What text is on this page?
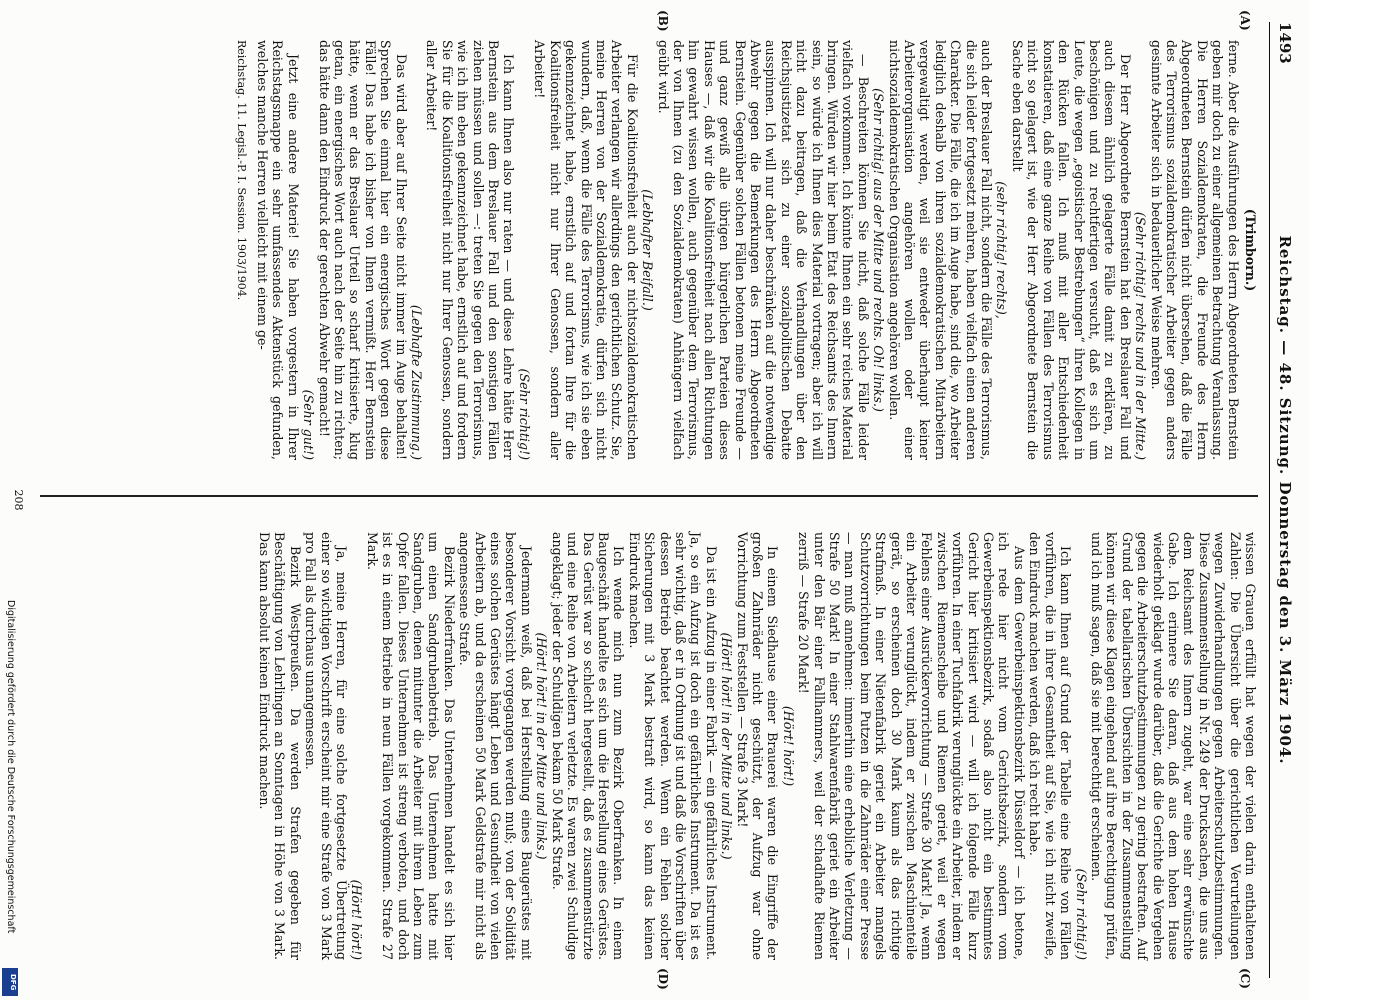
1493
Reichstag. — 48. Sitzung. Donnerstag den 3. März 1904.

(Trimborn.)

ferne. Aber die Ausführungen des Herrn Abgeordneten Bernstein geben mir doch zu einer allgemeinen Betrachtung Veranlassung. Die Herren Sozialdemokraten, die Freunde des Herrn Abgeordneten Bernstein dürfen nicht übersehen, daß die Fälle des Terrorismus sozialdemokratischer Arbeiter gegen anders gesinnte Arbeiter sich in bedauerlicher Weise mehren.

(Sehr richtig! rechts und in der Mitte.)

Der Herr Abgeordnete Bernstein hat den Breslauer Fall und auch diesem ähnlich gelagerte Fälle damit zu erklären, zu beschönigen und zu rechtfertigen versucht, daß es sich um Leute, die wegen „egoistischer Bestrebungen“ ihren Kollegen in den Rücken fallen. Ich muß mit aller Entschiedenheit konstatieren, daß eine ganze Reihe von Fällen des Terrorismus nicht so gelagert ist, wie der Herr Abgeordnete Bernstein die Sache eben darstellt

(sehr richtig! rechts),

auch der Breslauer Fall nicht, sondern die Fälle des Terrorismus, die sich leider fortgesetzt mehren, haben vielfach einen anderen Charakter. Die Fälle, die ich im Auge habe, sind die, wo Arbeiter lediglich deshalb von ihren sozialdemokratischen Mitarbeitern vergewaltigt werden, weil sie entweder überhaupt keiner Arbeiterorganisation angehören wollen oder einer nichtsozialdemokratischen Organisation angehören wollen.

(Sehr richtig! aus der Mitte und rechts. Oh! links.)

— Beschreiten können Sie nicht, daß solche Fälle leider vielfach vorkommen. Ich könnte Ihnen ein sehr reiches Material bringen. Würden wir hier beim Etat des Reichsamts des Innern sein, so würde ich Ihnen dies Material vortragen; aber ich will nicht dazu beitragen, daß die Verhandlungen über den Reichsjustizetat sich zu einer sozialpolitischen Debatte ausspinnen. Ich will nur daher beschränken auf die notwendige Abwehr gegen die Bemerkungen des Herrn Abgeordneten Bernstein. Gegenüber solchen Fällen betonen meine Freunde — und ganz gewiß alle übrigen bürgerlichen Parteien dieses Hauses —, daß wir die Koalitionsfreiheit nach allen Richtungen hin gewahrt wissen wollen, auch gegenüber dem Terrorismus, der von Ihnen (zu den Sozialdemokraten) Anhängern vielfach geübt wird.

(Lebhafter Beifall.)

Für die Koalitionsfreiheit auch der nichtsozialdemokratischen Arbeiter verlangen wir allerdings den gerichtlichen Schutz. Sie, meine Herren von der Sozialdemokratie, dürfen sich nicht wundern, daß, wenn die Fälle des Terrorismus, wie ich sie eben gekennzeichnet habe, ernstlich auf und fortan Ihre für die Koalitionsfreiheit nicht nur Ihrer Genossen, sondern aller Arbeiter!

(Sehr richtig!)

Ich kann Ihnen also nur raten — und diese Lehre hätte Herr Bernstein aus dem Breslauer Fall und den sonstigen Fällen ziehen müssen und sollen —: treten Sie gegen den Terrorismus, wie ich ihn eben gekennzeichnet habe, ernstlich auf und fordern Sie für die Koalitionsfreiheit nicht nur Ihrer Genossen, sondern aller Arbeiter!

(Lebhafte Zustimmung.)

Das wird aber auf Ihrer Seite nicht immer im Auge behalten! Sprechen Sie einmal hier ein energisches Wort gegen diese Fälle! Das habe ich bisher von Ihnen vermißt. Herr Bernstein hätte, wenn er das Breslauer Urteil so scharf kritisierte, klug getan, ein energisches Wort auch nach der Seite hin zu richten; das hätte dann den Eindruck der gerechten Abwehr gemacht!

(Sehr gut!)

Jetzt eine andere Materie! Sie haben vorgestern in Ihrer Reichstagsmappe ein sehr umfassendes Aktenstück gefunden, welches manche Herren vielleicht mit einem ge-

Reichstag. 11. Legisl.-P. I. Session. 1903/1904.

(A)
(B)

wissen Grauen erfüllt hat wegen der vielen darin enthaltenen Zahlen: Die Übersicht über die gerichtlichen Verurteilungen wegen Zuwiderhandlungen gegen Arbeiterschutzbestimmungen. Diese Zusammenstellung in Nr. 249 der Drucksachen, die uns aus dem Reichsamt des Innern zugeht, war eine sehr erwünschte Gabe. Ich erinnere Sie daran, daß aus dem hohen Hause wiederholt geklagt wurde darüber, daß die Gerichte die Vergehen gegen die Arbeiterschutzbestimmungen zu gering bestraften. Auf Grund der tabellarischen Übersichten in der Zusammenstellung können wir diese Klagen eingehend auf ihre Berechtigung prüfen, und ich muß sagen, daß sie mit berechtigt erscheinen.

(Sehr richtig!)

Ich kann Ihnen auf Grund der Tabelle eine Reihe von Fällen vorführen, die in ihrer Gesamtheit auf Sie, wie ich nicht zweifle, den Eindruck machen werden, daß ich recht habe.

Aus dem Gewerbeinspektionsbezirk Düsseldorf — ich betone, ich rede hier nicht vom Gerichtsbezirk, sondern vom Gewerbeinspektionsbezirk, sodaß also nicht ein bestimmtes Gericht hier kritisiert wird — will ich folgende Fälle kurz vorführen. In einer Tuchfabrik verunglückte ein Arbeiter, indem er zwischen Riemenscheibe und Riemen geriet, weil er wegen Fehlens einer Ausrückervorrichtung — Strafe 30 Mark! Ja, wenn ein Arbeiter verunglückt, indem er zwischen Maschinenteile gerät, so erscheinen doch 30 Mark kaum als das richtige Strafmaß. In einer Nietenfabrik geriet ein Arbeiter mangels Schutzvorrichtungen beim Putzen in die Zahnräder einer Presse — man muß annehmen: immerhin eine erhebliche Verletzung — Strafe 50 Mark! In einer Stahlwarenfabrik geriet ein Arbeiter unter den Bär einer Fallhammers, weil der schadhafte Riemen zerriß — Strafe 20 Mark!

(Hört! hört!)

In einem Siedhause einer Brauerei waren die Eingriffe der großen Zahnräder nicht geschützt, der Aufzug war ohne Vorrichtung zum Feststellen — Strafe 3 Mark!

(Hört! hört! in der Mitte und links.)

Da ist ein Aufzug in einer Fabrik — ein gefährliches Instrument. Ja, so ein Aufzug ist doch ein gefährliches Instrument. Da ist es sehr wichtig, daß er in Ordnung ist und daß die Vorschriften über dessen Betrieb beachtet werden. Wenn ein Fehlen solcher Sicherungen mit 3 Mark bestraft wird, so kann das keinen Eindruck machen.

Ich wende mich nun zum Bezirk Oberfranken. In einem Baugeschäft handelte es sich um die Herstellung eines Gerüstes. Das Gerüst war so schlecht hergestellt, daß es zusammenstürzte und eine Reihe von Arbeitern verletzte. Es waren zwei Schuldige angeklagt; jeder der Schuldigen bekam 50 Mark Strafe.

(Hört! hört! in der Mitte und links.)

Jedermann weiß, daß bei Herstellung eines Baugerüstes mit besonderer Vorsicht vorgegangen werden muß; von der Solidität eines solchen Gerüstes hängt Leben und Gesundheit von vielen Arbeitern ab, und da erscheinen 50 Mark Geldstrafe mir nicht als angemessene Strafe.

Bezirk Niederfranken. Das Unternehmen handelt es sich hier um einen Sandgrubenbetrieb. Das Unternehmen hatte mit Sandgruben, denen mitunter die Arbeiter mit ihrem Leben zum Opfer fallen. Dieses Unternehmen ist streng verboten, und doch ist es in einem Betriebe in neun Fällen vorgekommen. Strafe 27 Mark.

(Hört! hört!)

Ja, meine Herren, für eine solche fortgesetzte Übertretung einer so wichtigen Vorschrift erscheint mir eine Strafe von 3 Mark pro Fall als durchaus unangemessen.

Bezirk Westpreußen. Da werden Strafen gegeben für Beschäftigung von Lehrlingen an Sonntagen in Höhe von 3 Mark. Das kann absolut keinen Eindruck machen.

(C)
(D)
208
Digitalisierung gefördert durch die Deutsche Forschungsgemeinschaft
DFG
